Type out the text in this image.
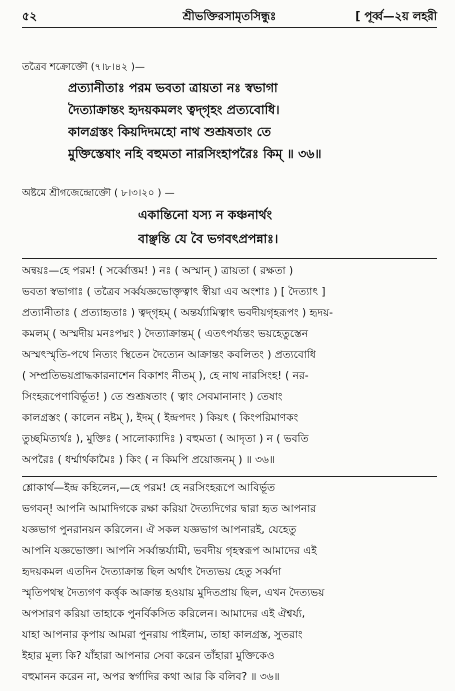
৫২	শ্রীভক্তিরসামৃতসিন্ধুঃ	[ পূর্ব্ব—২য় লহরী
তত্রৈব শক্রোক্তৌ (৭।৮।৪২ )—
প্রত্যানীতাঃ পরম ভবতা ত্রায়তা নঃ স্বভাগা
দৈত্যাক্রান্তং হৃদয়কমলং ত্বদ্‌গৃহং প্রত্যবোধি।
কালগ্রস্তং কিয়দিদমহো নাথ শুশ্রূষতাং তে
মুক্তিস্তেষাং নহি বহুমতা নারসিংহাপরৈঃ কিম্‌ ॥ ৩৬॥
অষ্টমে শ্রীগজেন্দ্রোক্তৌ ( ৮।৩।২০ ) —
একান্তিনো যস্য ন কঞ্চনার্থং
বাঞ্ছন্তি যে বৈ ভগবৎপ্রপন্নাঃ।
অন্বয়ঃ—হে পরম! ( সর্ব্বোত্তম! ) নঃ ( অস্মান্‌ ) ত্রায়তা ( রক্ষতা )
ভবতা স্বভাগাঃ ( তত্রৈব সর্ব্বযজ্ঞভোক্তৃত্বাৎ স্বীয়া এব অংশাঃ ) [ দৈত্যাৎ ]
প্রত্যানীতাঃ ( প্রত্যাহৃতাঃ ) ত্বদ্‌গৃহম্‌ ( অন্তর্য্যামিত্বাৎ ভবদীয়গৃহরূপং ) হৃদয়-
কমলম্‌ ( অস্মদীয় মনঃপদ্মং ) দৈত্যাক্রান্তম্‌ ( এতৎপর্য্যন্তং ভয়হেতুস্তেন
অস্মৎস্মৃতি-পথে নিত্যং স্থিতেন দৈত্যেন আক্রান্তং কবলিতং ) প্রত্যবোধি
( সম্প্রতিভয়প্রাদ্ধকারনাশেন বিকাশং নীতম্‌ ), হে নাথ নারসিংহ! ( নর-
সিংহরূপেণাবির্ভূত! ) তে শুশ্রূষতাং ( ত্বাং সেবমানানাং ) তেষাং
কালগ্রস্তং ( কালেন নষ্টম্‌ ), ইদম্‌ ( ইন্দ্রপদং ) কিয়ৎ ( কিংপরিমাণকং
তুচ্ছমিত্যর্থঃ ), মুক্তিঃ ( সালোক্যাদিঃ ) বহুমতা ( আদৃতা ) ন ( ভবতি
অপরৈঃ ( ধর্ম্মার্থকামৈঃ ) কিং ( ন কিমপি প্রয়োজনম্‌ ) ॥ ৩৬॥
শ্লোকার্থ—ইন্দ্র কহিলেন,—হে পরম! হে নরসিংহরূপে আবির্ভূত
ভগবন্‌! আপনি আমাদিগকে রক্ষা করিয়া দৈত্যদিগের দ্বারা হৃত আপনার
যজ্ঞভাগ পুনরানয়ন করিলেন। ঐ সকল যজ্ঞভাগ আপনারই, যেহেতু
আপনি যজ্ঞভোক্তা। আপনি সর্ব্বান্তর্য্যামী, ভবদীয় গৃহস্বরূপ আমাদের এই
হৃদয়কমল এতদিন দৈত্যাক্রান্ত ছিল অর্থাৎ দৈত্যভয় হেতু সর্ব্বদা
স্মৃতিপথস্থ দৈত্যগণ কর্ত্তৃক আক্রান্ত হওয়ায় মুদিতপ্রায় ছিল, এখন দৈত্যভয়
অপসারণ করিয়া তাহাকে পুনর্বিকসিত করিলেন। আমাদের এই ঐশ্বর্য্য,
যাহা আপনার কৃপায় আমরা পুনরায় পাইলাম, তাহা কালগ্রস্ত, সুতরাং
ইহার মূল্য কি? যাঁহারা আপনার সেবা করেন তাঁহারা মুক্তিকেও
বহুমানন করেন না, অপর স্বর্গাদির কথা আর কি বলিব? ॥ ৩৬॥
